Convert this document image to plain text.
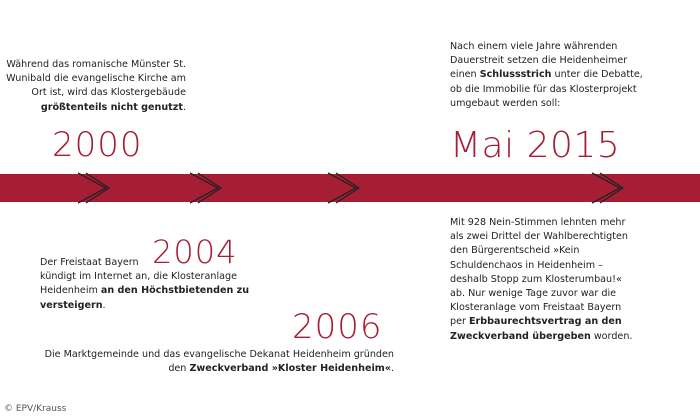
Während das romanische Münster St.
Wunibald die evangelische Kirche am
Ort ist, wird das Klostergebäude
größtenteils nicht genutzt.
2000
Der Freistaat Bayern
kündigt im Internet an, die Klosteranlage
Heidenheim an den Höchstbietenden zu
versteigern.
2004
2006
Die Marktgemeinde und das evangelische Dekanat Heidenheim gründen
den Zweckverband »Kloster Heidenheim«.
Nach einem viele Jahre währenden
Dauerstreit setzen die Heidenheimer
einen Schlussstrich unter die Debatte,
ob die Immobilie für das Klosterprojekt
umgebaut werden soll:
Mai 2015
Mit 928 Nein-Stimmen lehnten mehr
als zwei Drittel der Wahlberechtigten
den Bürgerentscheid »Kein
Schuldenchaos in Heidenheim –
deshalb Stopp zum Klosterumbau!«
ab. Nur wenige Tage zuvor war die
Klosteranlage vom Freistaat Bayern
per Erbbaurechtsvertrag an den
Zweckverband übergeben worden.
© EPV/Krauss
